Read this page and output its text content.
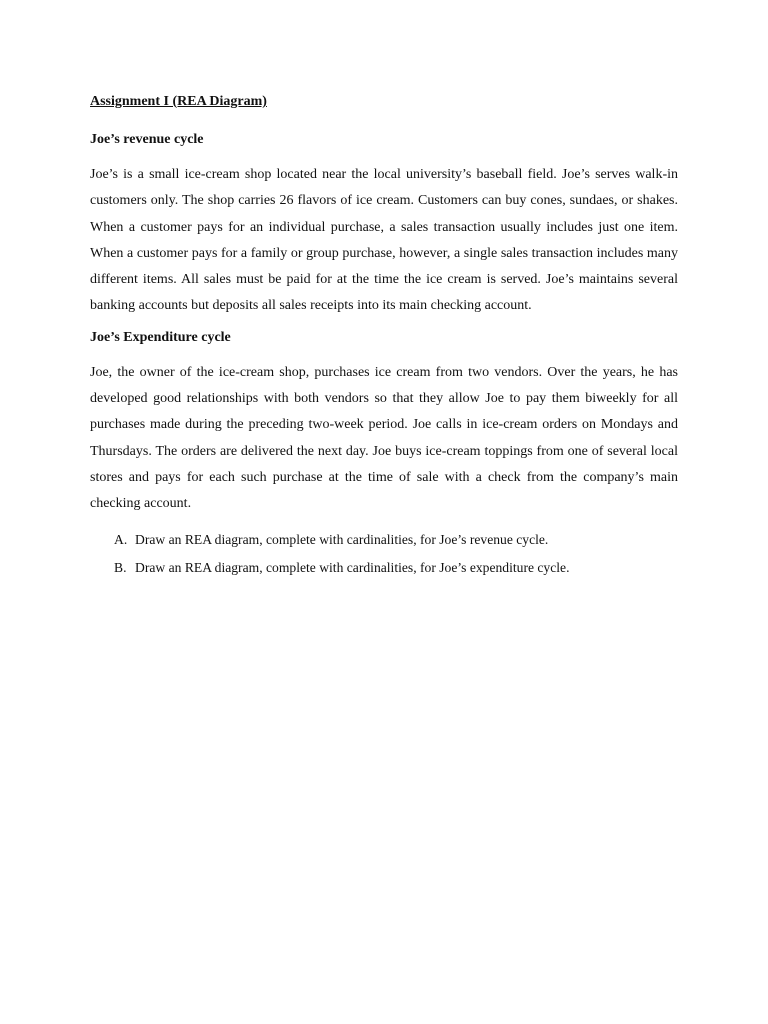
Assignment I (REA Diagram)
Joe’s revenue cycle

Joe’s is a small ice-cream shop located near the local university’s baseball field. Joe’s serves walk-in customers only. The shop carries 26 flavors of ice cream. Customers can buy cones, sundaes, or shakes. When a customer pays for an individual purchase, a sales transaction usually includes just one item. When a customer pays for a family or group purchase, however, a single sales transaction includes many different items. All sales must be paid for at the time the ice cream is served. Joe’s maintains several banking accounts but deposits all sales receipts into its main checking account.

Joe’s Expenditure cycle

Joe, the owner of the ice-cream shop, purchases ice cream from two vendors. Over the years, he has developed good relationships with both vendors so that they allow Joe to pay them biweekly for all purchases made during the preceding two-week period. Joe calls in ice-cream orders on Mondays and Thursdays. The orders are delivered the next day. Joe buys ice-cream toppings from one of several local stores and pays for each such purchase at the time of sale with a check from the company’s main checking account.

A. Draw an REA diagram, complete with cardinalities, for Joe’s revenue cycle.
B. Draw an REA diagram, complete with cardinalities, for Joe’s expenditure cycle.
